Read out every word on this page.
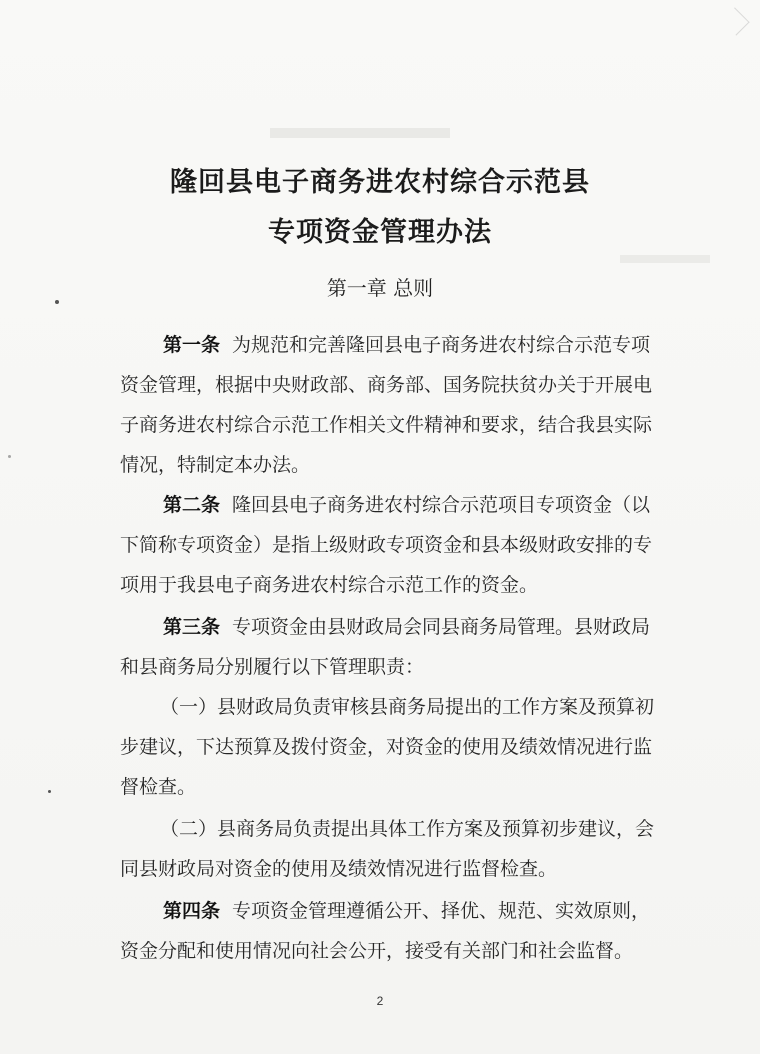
隆回县电子商务进农村综合示范县
专项资金管理办法
第一章 总则
第一条 为规范和完善隆回县电子商务进农村综合示范专项
资金管理，根据中央财政部、商务部、国务院扶贫办关于开展电
子商务进农村综合示范工作相关文件精神和要求，结合我县实际
情况，特制定本办法。
第二条 隆回县电子商务进农村综合示范项目专项资金（以
下简称专项资金）是指上级财政专项资金和县本级财政安排的专
项用于我县电子商务进农村综合示范工作的资金。
第三条 专项资金由县财政局会同县商务局管理。县财政局
和县商务局分别履行以下管理职责：
（一）县财政局负责审核县商务局提出的工作方案及预算初
步建议，下达预算及拨付资金，对资金的使用及绩效情况进行监
督检查。
（二）县商务局负责提出具体工作方案及预算初步建议，会
同县财政局对资金的使用及绩效情况进行监督检查。
第四条 专项资金管理遵循公开、择优、规范、实效原则，
资金分配和使用情况向社会公开，接受有关部门和社会监督。
2
